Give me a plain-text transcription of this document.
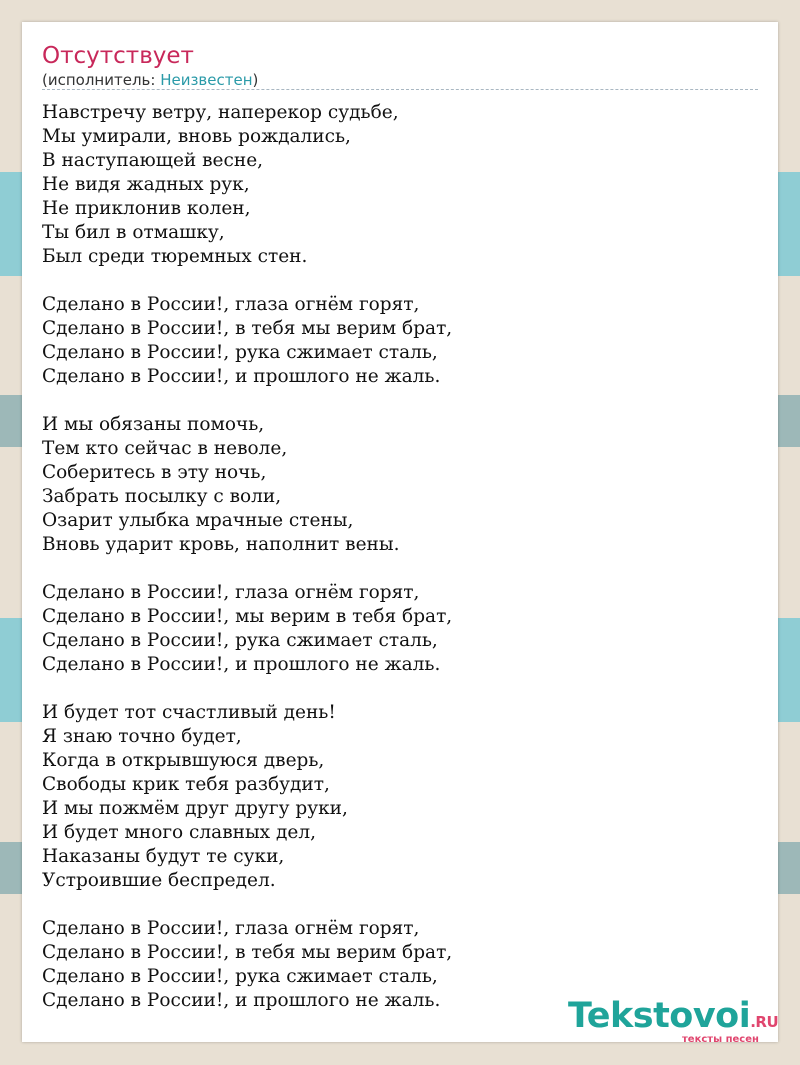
Отсутствует
(исполнитель: Неизвестен)
Навстречу ветру, наперекор судьбе,
Мы умирали, вновь рождались,
В наступающей весне,
Не видя жадных рук,
Не приклонив колен,
Ты бил в отмашку,
Был среди тюремных стен.
Сделано в России!, глаза огнём горят,
Сделано в России!, в тебя мы верим брат,
Сделано в России!, рука сжимает сталь,
Сделано в России!, и прошлого не жаль.
И мы обязаны помочь,
Тем кто сейчас в неволе,
Соберитесь в эту ночь,
Забрать посылку с воли,
Озарит улыбка мрачные стены,
Вновь ударит кровь, наполнит вены.
Сделано в России!, глаза огнём горят,
Сделано в России!, мы верим в тебя брат,
Сделано в России!, рука сжимает сталь,
Сделано в России!, и прошлого не жаль.
И будет тот счастливый день!
Я знаю точно будет,
Когда в открывшуюся дверь,
Свободы крик тебя разбудит,
И мы пожмём друг другу руки,
И будет много славных дел,
Наказаны будут те суки,
Устроившие беспредел.
Сделано в России!, глаза огнём горят,
Сделано в России!, в тебя мы верим брат,
Сделано в России!, рука сжимает сталь,
Сделано в России!, и прошлого не жаль.	Tekstovoi.RU
тексты песен
